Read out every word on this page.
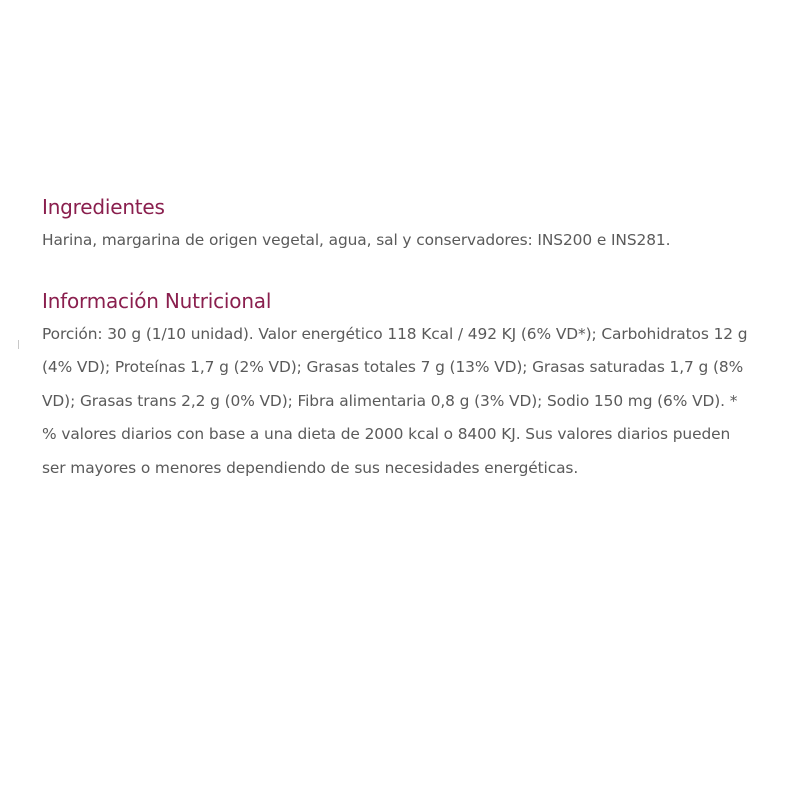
Ingredientes

Harina, margarina de origen vegetal, agua, sal y conservadores: INS200 e INS281.

Información Nutricional

Porción: 30 g (1/10 unidad). Valor energético 118 Kcal / 492 KJ (6% VD*); Carbohidratos 12 g (4% VD); Proteínas 1,7 g (2% VD); Grasas totales 7 g (13% VD); Grasas saturadas 1,7 g (8% VD); Grasas trans 2,2 g (0% VD); Fibra alimentaria 0,8 g (3% VD); Sodio 150 mg (6% VD). * % valores diarios con base a una dieta de 2000 kcal o 8400 KJ. Sus valores diarios pueden ser mayores o menores dependiendo de sus necesidades energéticas.
